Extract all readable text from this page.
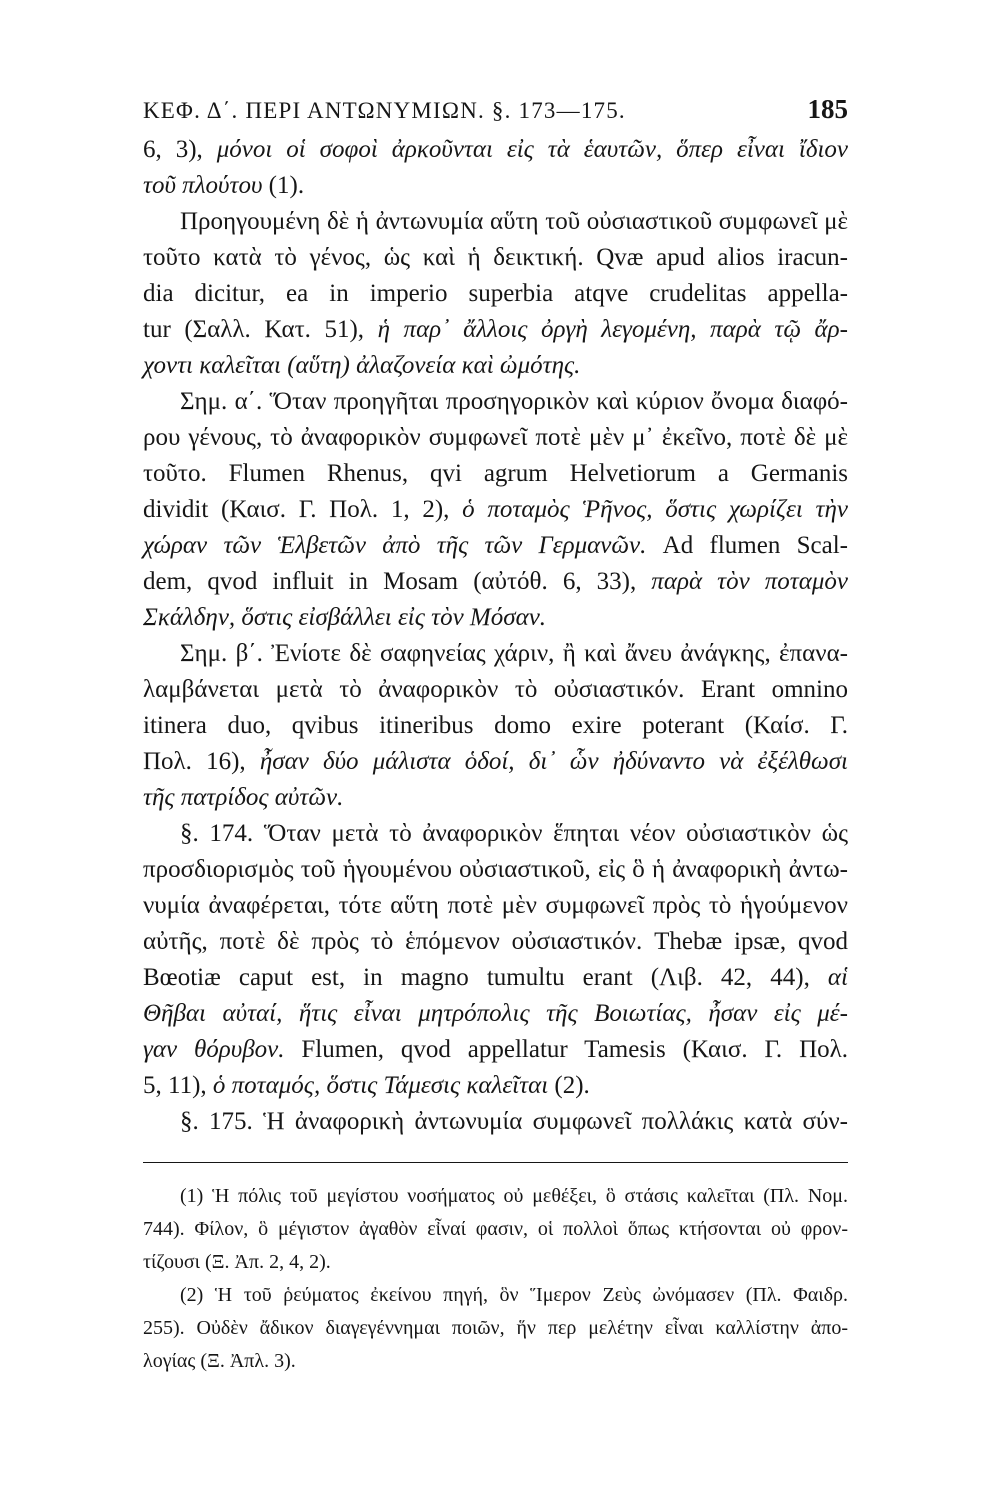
ΚΕΦ. Δ΄. ΠΕΡΙ ΑΝΤΩΝΥΜΙΩΝ. §. 173—175.	185
6, 3), μόνοι οἱ σοφοὶ ἀρκοῦνται εἰς τὰ ἑαυτῶν, ὅπερ εἶναι ἴδιον
τοῦ πλούτου (1).
Προηγουμένη δὲ ἡ ἀντωνυμία αὕτη τοῦ οὐσιαστικοῦ συμφωνεῖ μὲ
τοῦτο κατὰ τὸ γένος, ὡς καὶ ἡ δεικτική. Qvæ apud alios iracun-
dia dicitur, ea in imperio superbia atqve crudelitas appella-
tur (Σαλλ. Κατ. 51), ἡ παρ᾽ ἄλλοις ὀργὴ λεγομένη, παρὰ τῷ ἄρ-
χοντι καλεῖται (αὕτη) ἀλαζονεία καὶ ὠμότης.
Σημ. α΄. Ὅταν προηγῆται προσηγορικὸν καὶ κύριον ὄνομα διαφό-
ρου γένους, τὸ ἀναφορικὸν συμφωνεῖ ποτὲ μὲν μ᾽ ἐκεῖνο, ποτὲ δὲ μὲ
τοῦτο. Flumen Rhenus, qvi agrum Helvetiorum a Germanis
dividit (Καισ. Γ. Πολ. 1, 2), ὁ ποταμὸς Ῥῆνος, ὅστις χωρίζει τὴν
χώραν τῶν Ἑλβετῶν ἀπὸ τῆς τῶν Γερμανῶν. Ad flumen Scal-
dem, qvod influit in Mosam (αὐτόθ. 6, 33), παρὰ τὸν ποταμὸν
Σκάλδην, ὅστις εἰσβάλλει εἰς τὸν Μόσαν.
Σημ. β΄. Ἐνίοτε δὲ σαφηνείας χάριν, ἢ καὶ ἄνευ ἀνάγκης, ἐπανα-
λαμβάνεται μετὰ τὸ ἀναφορικὸν τὸ οὐσιαστικόν. Erant omnino
itinera duo, qvibus itineribus domo exire poterant (Καίσ. Γ.
Πολ. 16), ἦσαν δύο μάλιστα ὁδοί, δι᾽ ὧν ἠδύναντο νὰ ἐξέλθωσι
τῆς πατρίδος αὐτῶν.
§. 174. Ὅταν μετὰ τὸ ἀναφορικὸν ἕπηται νέον οὐσιαστικὸν ὡς
προσδιορισμὸς τοῦ ἡγουμένου οὐσιαστικοῦ, εἰς ὃ ἡ ἀναφορικὴ ἀντω-
νυμία ἀναφέρεται, τότε αὕτη ποτὲ μὲν συμφωνεῖ πρὸς τὸ ἡγούμενον
αὐτῆς, ποτὲ δὲ πρὸς τὸ ἑπόμενον οὐσιαστικόν. Thebæ ipsæ, qvod
Bœotiæ caput est, in magno tumultu erant (Λιβ. 42, 44), αἱ
Θῆβαι αὐταί, ἥτις εἶναι μητρόπολις τῆς Βοιωτίας, ἦσαν εἰς μέ-
γαν θόρυβον. Flumen, qvod appellatur Tamesis (Καισ. Γ. Πολ.
5, 11), ὁ ποταμός, ὅστις Τάμεσις καλεῖται (2).
§. 175. Ἡ ἀναφορικὴ ἀντωνυμία συμφωνεῖ πολλάκις κατὰ σύν-
(1) Ἡ πόλις τοῦ μεγίστου νοσήματος οὐ μεθέξει, ὃ στάσις καλεῖται (Πλ. Νομ.
744). Φίλον, ὃ μέγιστον ἀγαθὸν εἶναί φασιν, οἱ πολλοὶ ὅπως κτήσονται οὐ φρον-
τίζουσι (Ξ. Ἀπ. 2, 4, 2).
(2) Ἡ τοῦ ῥεύματος ἐκείνου πηγή, ὃν Ἵμερον Ζεὺς ὠνόμασεν (Πλ. Φαιδρ.
255). Οὐδὲν ἄδικον διαγεγέννημαι ποιῶν, ἥν περ μελέτην εἶναι καλλίστην ἀπο-
λογίας (Ξ. Ἀπλ. 3).
